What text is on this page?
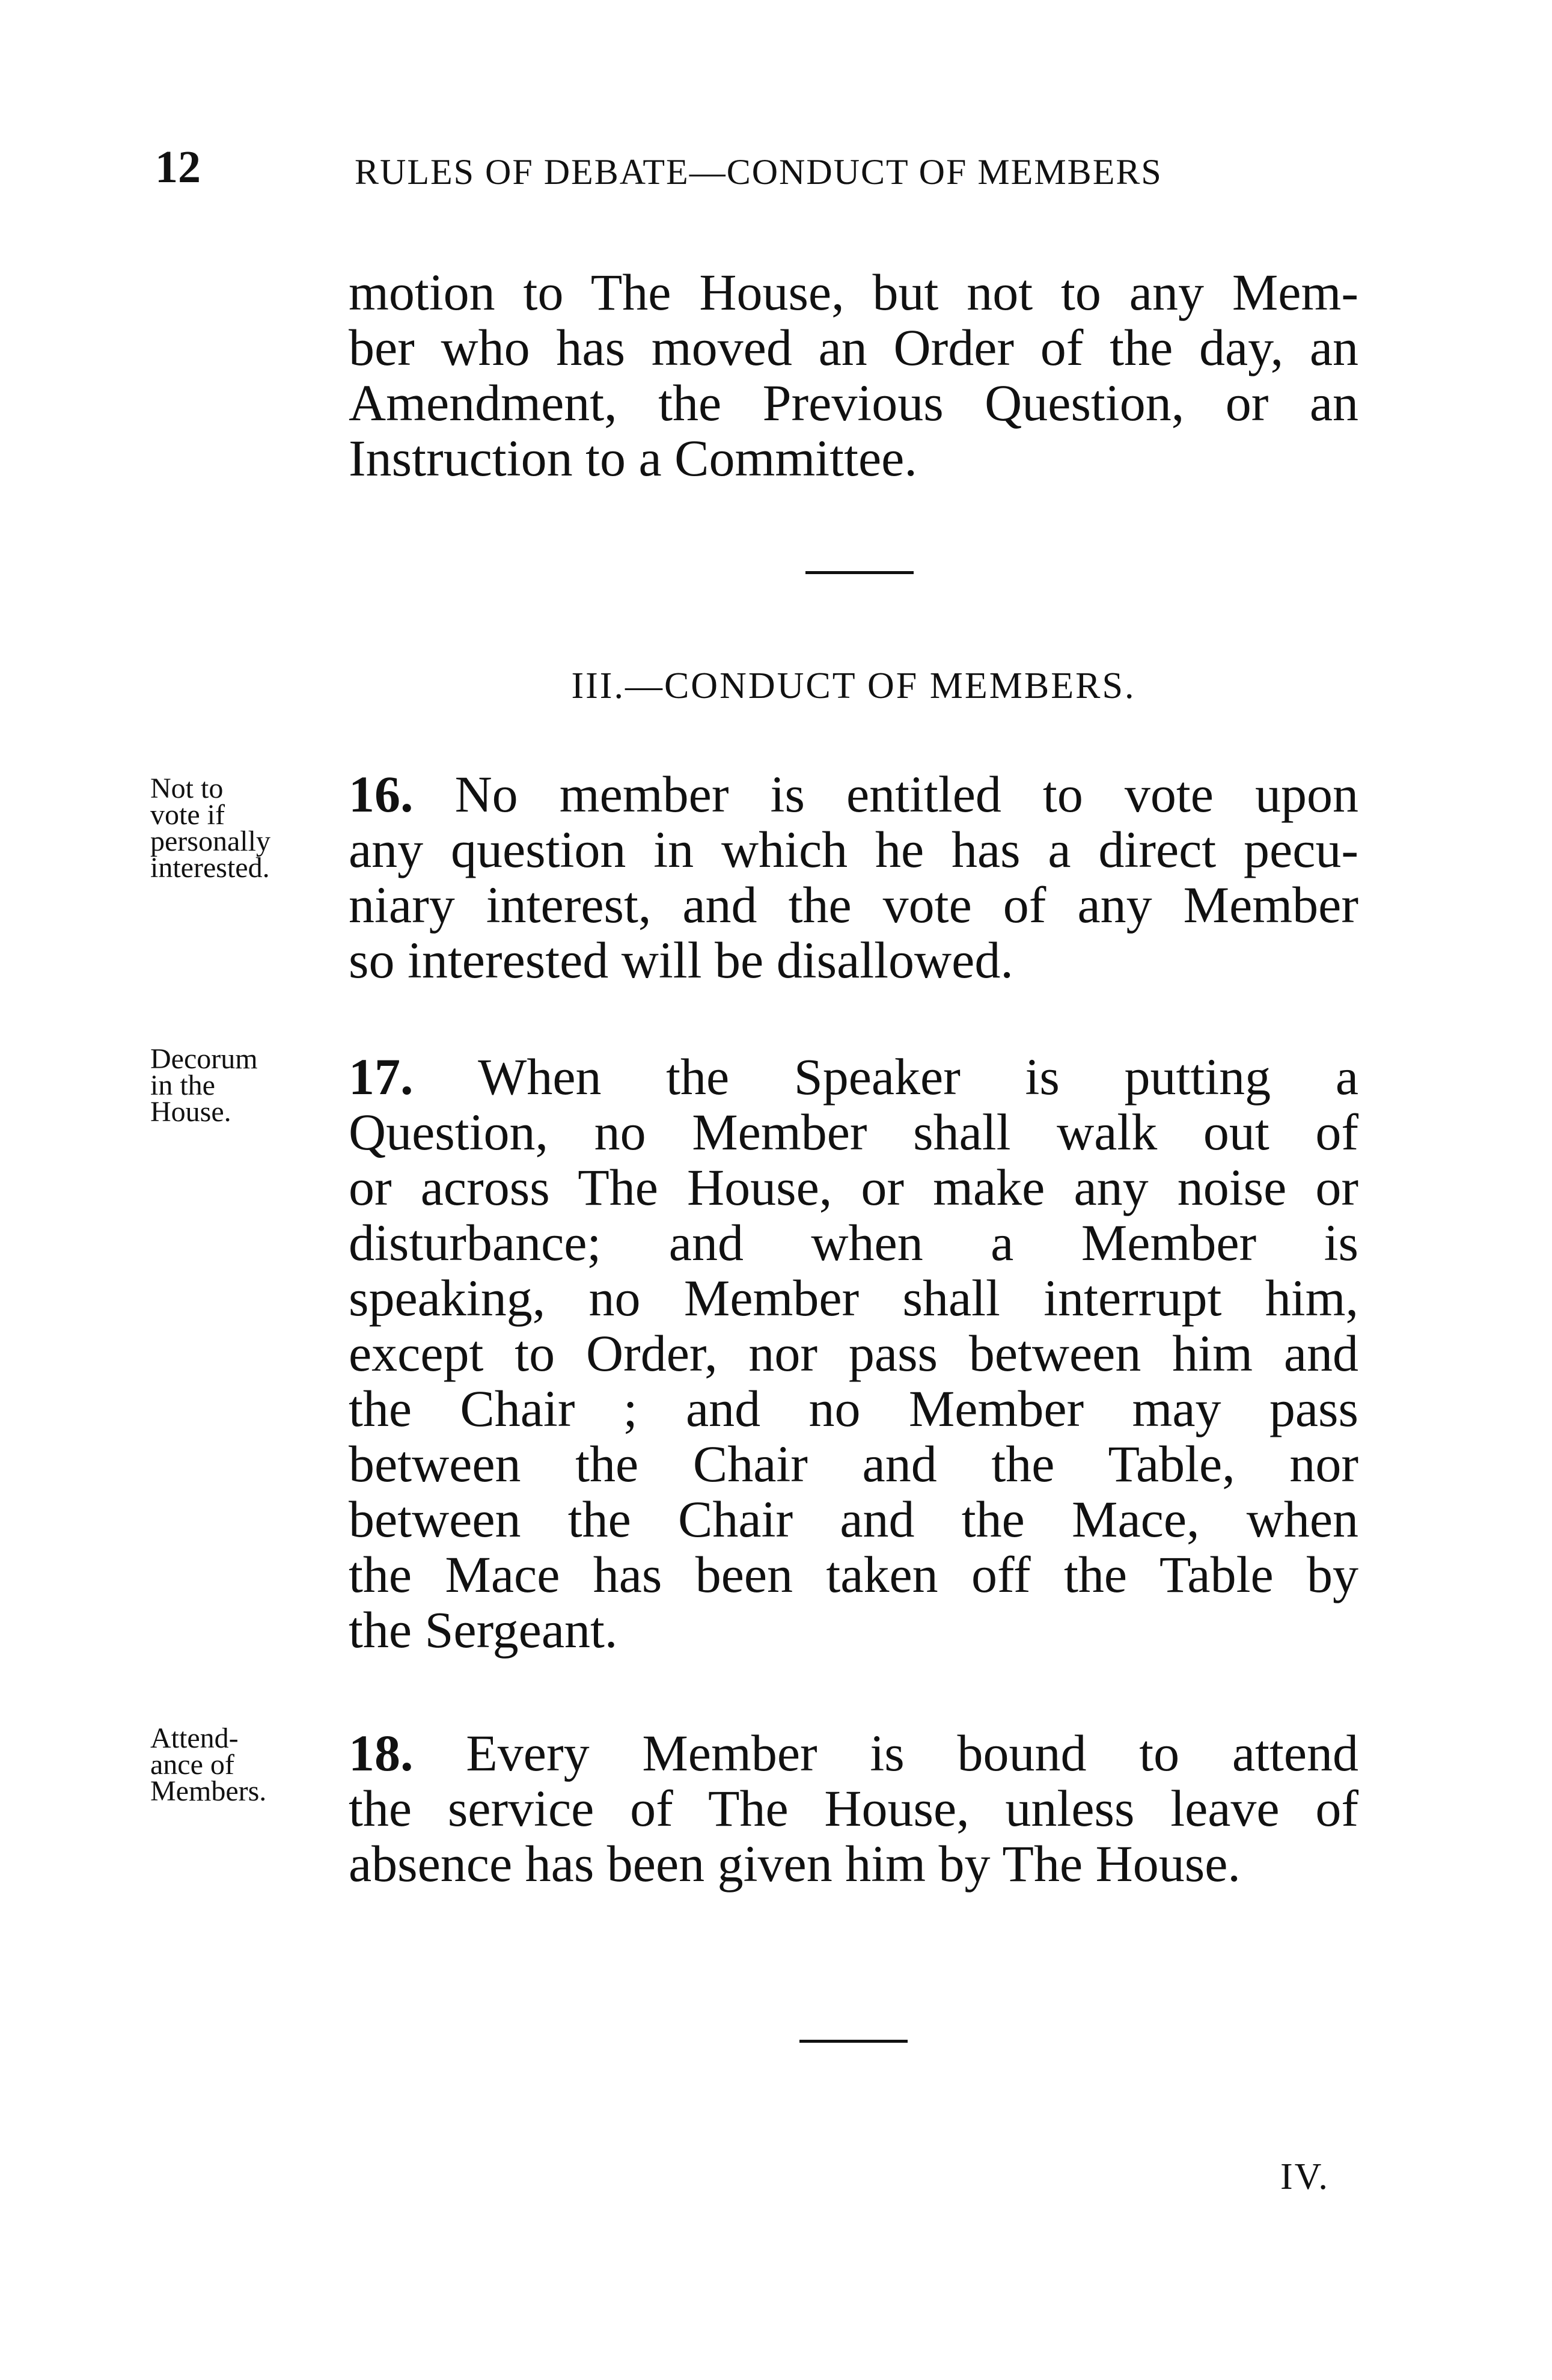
12	RULES OF DEBATE—CONDUCT OF MEMBERS
motion to The House, but not to any Mem-
ber who has moved an Order of the day, an
Amendment, the Previous Question, or an
Instruction to a Committee.
III.—CONDUCT OF MEMBERS.
Not to
vote if
personally
interested.
16. No member is entitled to vote upon
any question in which he has a direct pecu-
niary interest, and the vote of any Member
so interested will be disallowed.
Decorum
in the
House.
17. When the Speaker is putting a
Question, no Member shall walk out of
or across The House, or make any noise or
disturbance; and when a Member is
speaking, no Member shall interrupt him,
except to Order, nor pass between him and
the Chair ; and no Member may pass
between the Chair and the Table, nor
between the Chair and the Mace, when
the Mace has been taken off the Table by
the Sergeant.
Attend-
ance of
Members.
18. Every Member is bound to attend
the service of The House, unless leave of
absence has been given him by The House.
IV.
